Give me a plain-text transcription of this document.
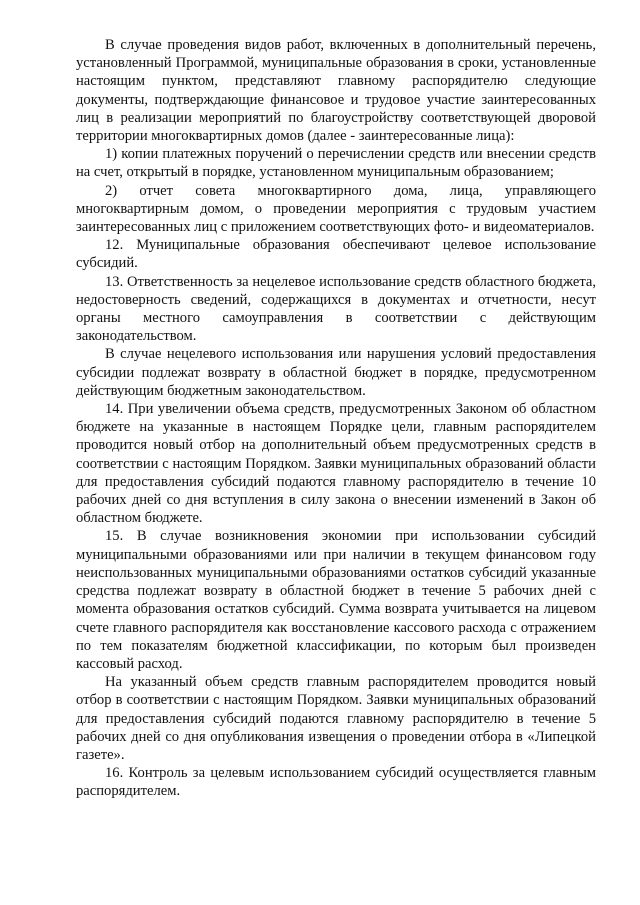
В случае проведения видов работ, включенных в дополнительный перечень, установленный Программой, муниципальные образования в сроки, установленные настоящим пунктом, представляют главному распорядителю следующие документы, подтверждающие финансовое и трудовое участие заинтересованных лиц в реализации мероприятий по благоустройству соответствующей дворовой территории многоквартирных домов (далее - заинтересованные лица):

1) копии платежных поручений о перечислении средств или внесении средств на счет, открытый в порядке, установленном муниципальным образованием;

2) отчет совета многоквартирного дома, лица, управляющего многоквартирным домом, о проведении мероприятия с трудовым участием заинтересованных лиц с приложением соответствующих фото- и видеоматериалов.

12. Муниципальные образования обеспечивают целевое использование субсидий.

13. Ответственность за нецелевое использование средств областного бюджета, недостоверность сведений, содержащихся в документах и отчетности, несут органы местного самоуправления в соответствии с действующим законодательством.

В случае нецелевого использования или нарушения условий предоставления субсидии подлежат возврату в областной бюджет в порядке, предусмотренном действующим бюджетным законодательством.

14. При увеличении объема средств, предусмотренных Законом об областном бюджете на указанные в настоящем Порядке цели, главным распорядителем проводится новый отбор на дополнительный объем предусмотренных средств в соответствии с настоящим Порядком. Заявки муниципальных образований области для предоставления субсидий подаются главному распорядителю в течение 10 рабочих дней со дня вступления в силу закона о внесении изменений в Закон об областном бюджете.

15. В случае возникновения экономии при использовании субсидий муниципальными образованиями или при наличии в текущем финансовом году неиспользованных муниципальными образованиями остатков субсидий указанные средства подлежат возврату в областной бюджет в течение 5 рабочих дней с момента образования остатков субсидий. Сумма возврата учитывается на лицевом счете главного распорядителя как восстановление кассового расхода с отражением по тем показателям бюджетной классификации, по которым был произведен кассовый расход.

На указанный объем средств главным распорядителем проводится новый отбор в соответствии с настоящим Порядком. Заявки муниципальных образований для предоставления субсидий подаются главному распорядителю в течение 5 рабочих дней со дня опубликования извещения о проведении отбора в «Липецкой газете».

16. Контроль за целевым использованием субсидий осуществляется главным распорядителем.
